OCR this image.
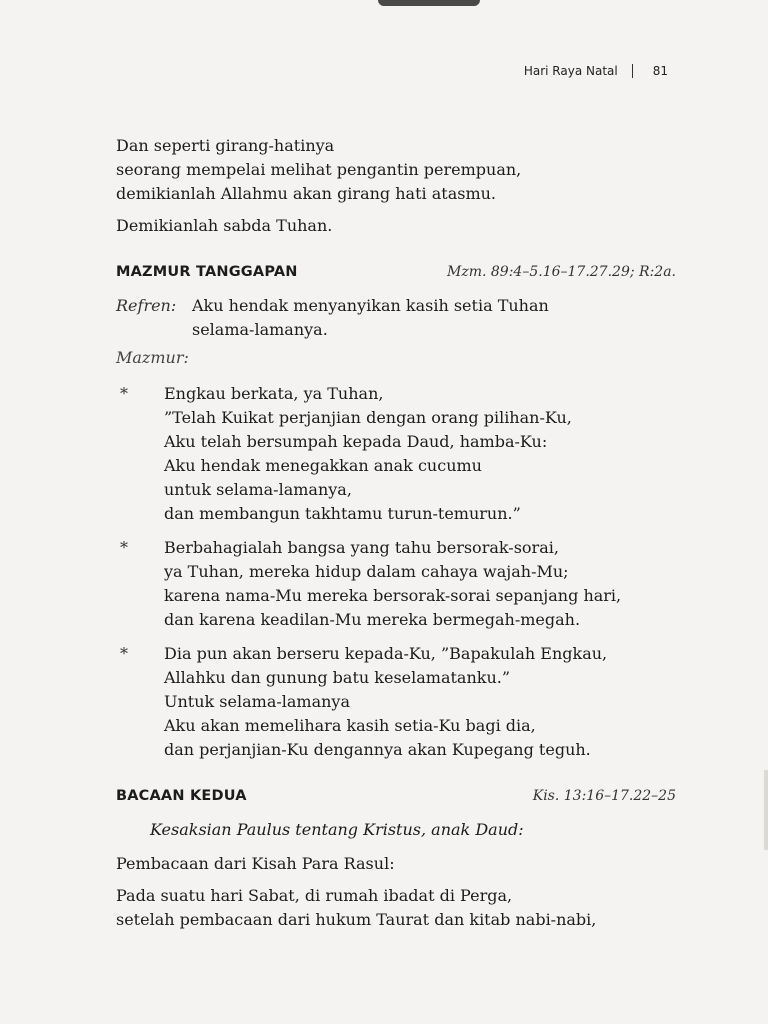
Hari Raya Natal	81

Dan seperti girang-hatinya
seorang mempelai melihat pengantin perempuan,
demikianlah Allahmu akan girang hati atasmu.

Demikianlah sabda Tuhan.

MAZMUR TANGGAPAN	Mzm. 89:4–5.16–17.27.29; R:2a.
Refren: Aku hendak menyanyikan kasih setia Tuhan
selama-lamanya.
Mazmur:
*	Engkau berkata, ya Tuhan,
”Telah Kuikat perjanjian dengan orang pilihan-Ku,
Aku telah bersumpah kepada Daud, hamba-Ku:
Aku hendak menegakkan anak cucumu
untuk selama-lamanya,
dan membangun takhtamu turun-temurun.”
*	Berbahagialah bangsa yang tahu bersorak-sorai,
ya Tuhan, mereka hidup dalam cahaya wajah-Mu;
karena nama-Mu mereka bersorak-sorai sepanjang hari,
dan karena keadilan-Mu mereka bermegah-megah.
*	Dia pun akan berseru kepada-Ku, ”Bapakulah Engkau,
Allahku dan gunung batu keselamatanku.”
Untuk selama-lamanya
Aku akan memelihara kasih setia-Ku bagi dia,
dan perjanjian-Ku dengannya akan Kupegang teguh.
BACAAN KEDUA	Kis. 13:16–17.22–25
Kesaksian Paulus tentang Kristus, anak Daud:

Pembacaan dari Kisah Para Rasul:

Pada suatu hari Sabat, di rumah ibadat di Perga,
setelah pembacaan dari hukum Taurat dan kitab nabi-nabi,
